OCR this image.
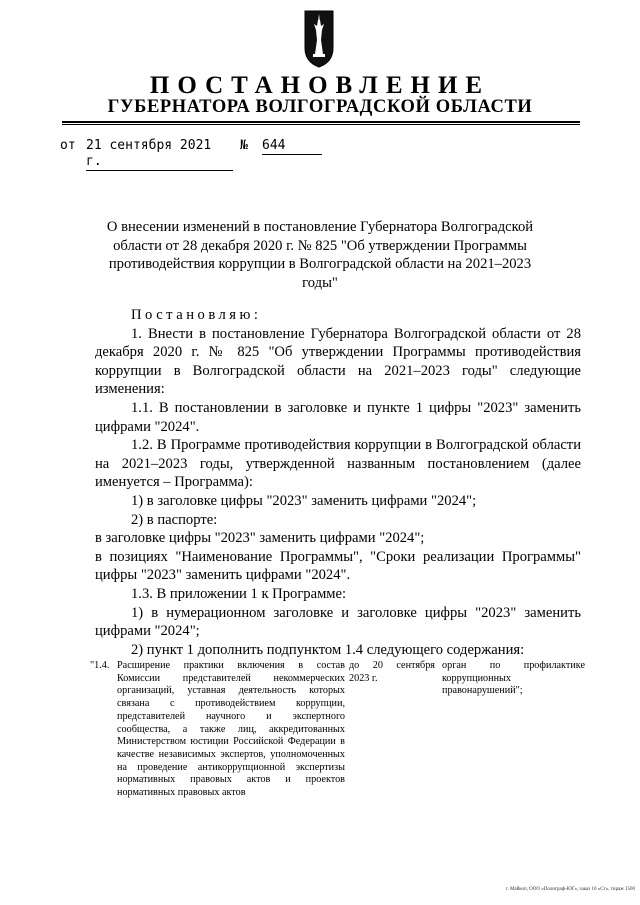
ПОСТАНОВЛЕНИЕ
ГУБЕРНАТОРА ВОЛГОГРАДСКОЙ ОБЛАСТИ
от 21 сентября 2021 г.
№ 644
О внесении изменений в постановление Губернатора Волгоградской области от 28 декабря 2020 г. № 825 "Об утверждении Программы противодействия коррупции в Волгоградской области на 2021–2023 годы"

Постановляю:

1. Внести в постановление Губернатора Волгоградской области от 28 декабря 2020 г. № 825 "Об утверждении Программы противодействия коррупции в Волгоградской области на 2021–2023 годы" следующие изменения:

1.1. В постановлении в заголовке и пункте 1 цифры "2023" заменить цифрами "2024".

1.2. В Программе противодействия коррупции в Волгоградской области на 2021–2023 годы, утвержденной названным постановлением (далее именуется – Программа):

1) в заголовке цифры "2023" заменить цифрами "2024";

2) в паспорте:

в заголовке цифры "2023" заменить цифрами "2024";

в позициях "Наименование Программы", "Сроки реализации Программы" цифры "2023" заменить цифрами "2024".

1.3. В приложении 1 к Программе:

1) в нумерационном заголовке и заголовке цифры "2023" заменить цифрами "2024";

2) пункт 1 дополнить подпунктом 1.4 следующего содержания:

"1.4. Расширение практики включения в состав Комиссии представителей некоммерческих организаций, уставная деятельность которых связана с противодействием коррупции, представителей научного и экспертного сообщества, а также лиц, аккредитованных Министерством юстиции Российской Федерации в качестве независимых экспертов, уполномоченных на проведение антикоррупционной экспертизы нормативных правовых актов и проектов нормативных правовых актов
до 20 сентября 2023 г.
орган по профилактике коррупционных правонарушений";
г. Майкоп, ООО «Полиграф-ЮГ», заказ 10 «Ст», тираж 1500
